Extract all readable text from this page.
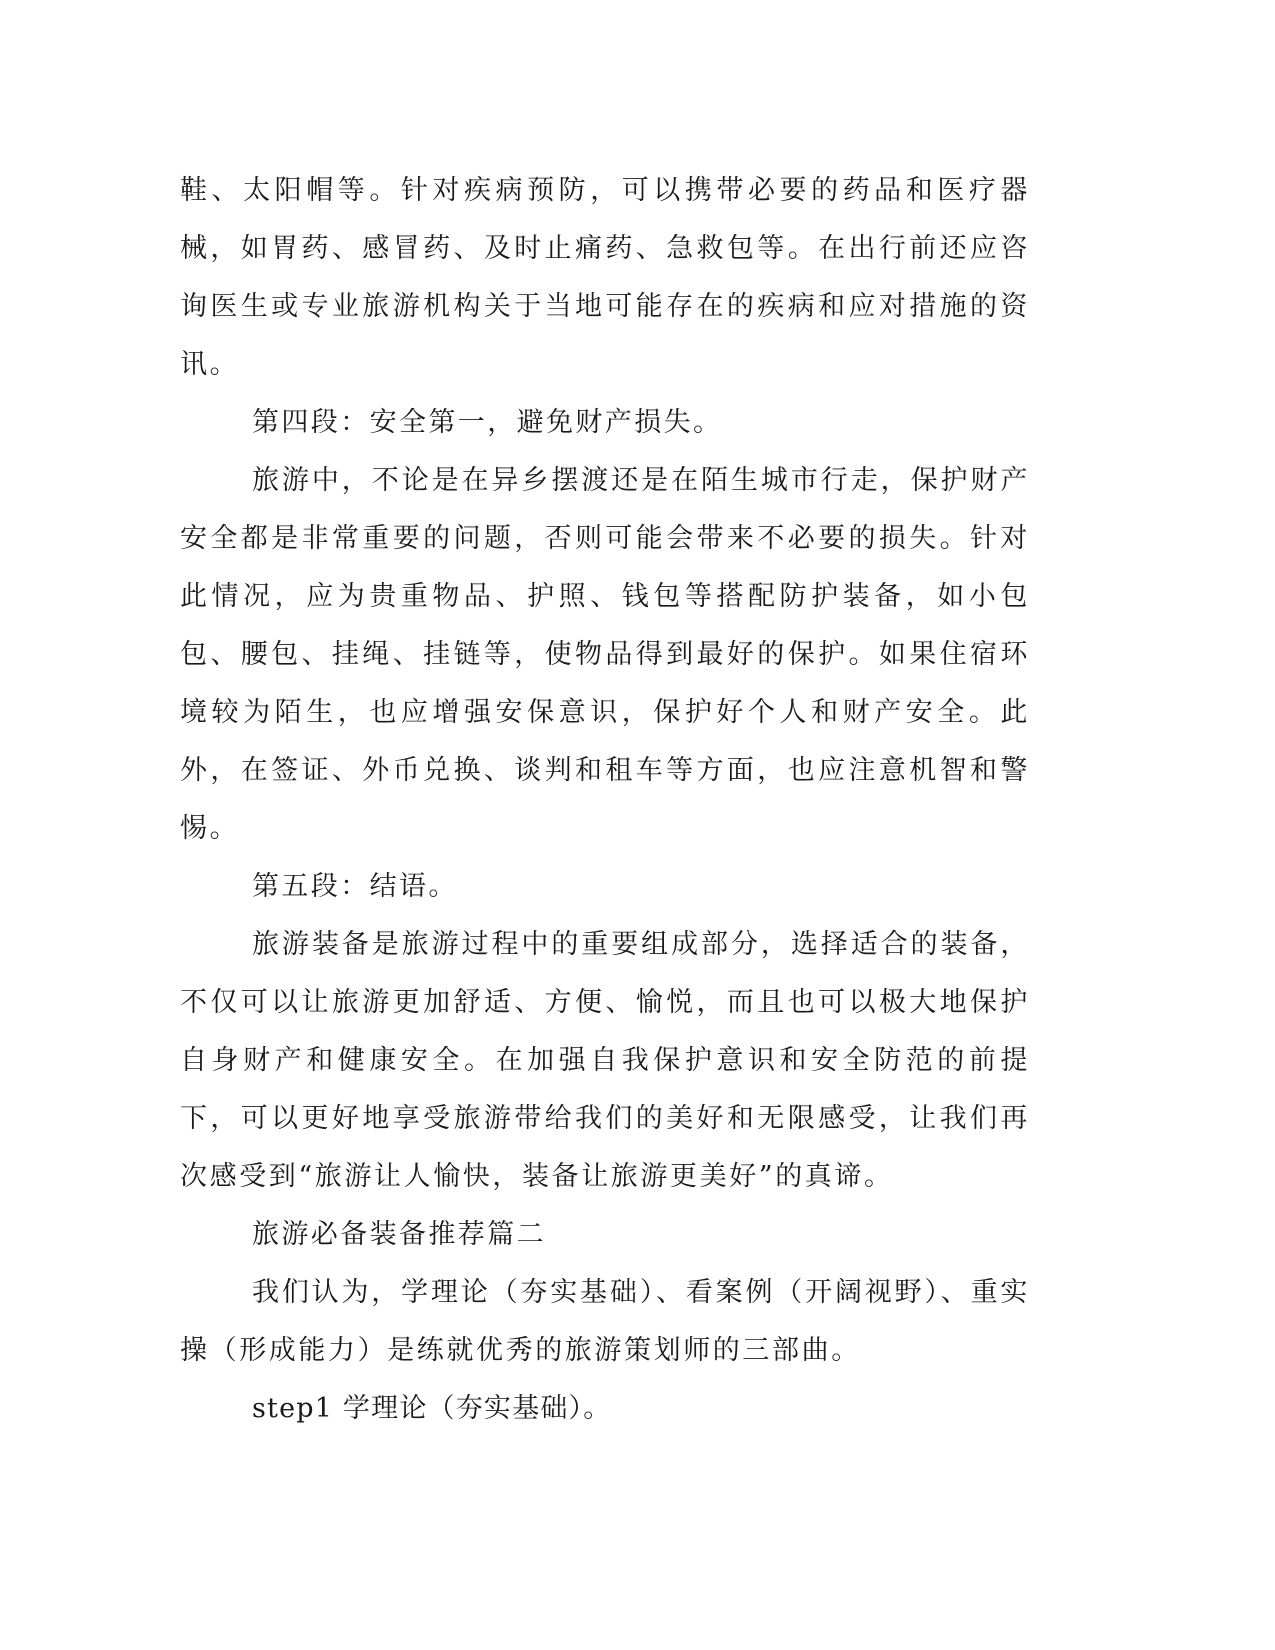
鞋、太阳帽等。针对疾病预防，可以携带必要的药品和医疗器械，如胃药、感冒药、及时止痛药、急救包等。在出行前还应咨询医生或专业旅游机构关于当地可能存在的疾病和应对措施的资讯。

第四段：安全第一，避免财产损失。

旅游中，不论是在异乡摆渡还是在陌生城市行走，保护财产安全都是非常重要的问题，否则可能会带来不必要的损失。针对此情况，应为贵重物品、护照、钱包等搭配防护装备，如小包包、腰包、挂绳、挂链等，使物品得到最好的保护。如果住宿环境较为陌生，也应增强安保意识，保护好个人和财产安全。此外，在签证、外币兑换、谈判和租车等方面，也应注意机智和警惕。

第五段：结语。

旅游装备是旅游过程中的重要组成部分，选择适合的装备，不仅可以让旅游更加舒适、方便、愉悦，而且也可以极大地保护自身财产和健康安全。在加强自我保护意识和安全防范的前提下，可以更好地享受旅游带给我们的美好和无限感受，让我们再次感受到“旅游让人愉快，装备让旅游更美好”的真谛。

旅游必备装备推荐篇二

我们认为，学理论（夯实基础）、看案例（开阔视野）、重实操（形成能力）是练就优秀的旅游策划师的三部曲。

step1 学理论（夯实基础）。
